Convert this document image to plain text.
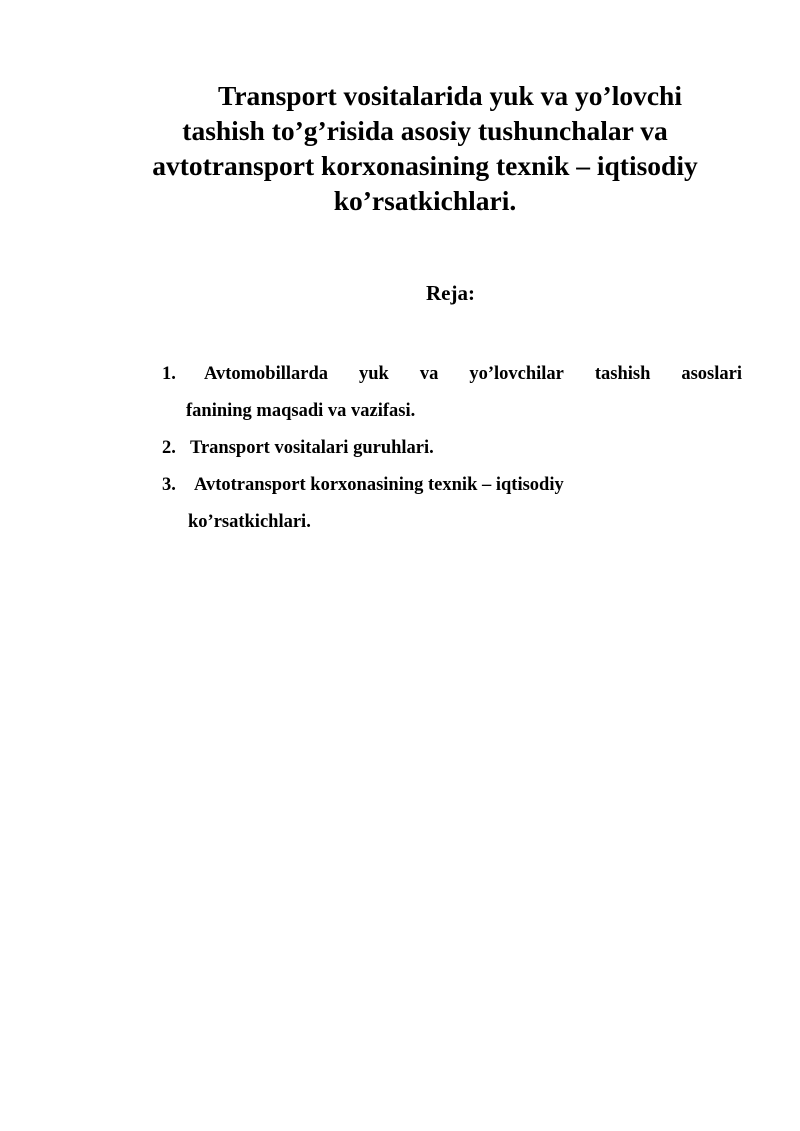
Transport vositalarida yuk va yo’lovchi
tashish to’g’risida asosiy tushunchalar va
avtotransport korxonasining texnik – iqtisodiy
ko’rsatkichlari.
Reja:
1.	Avtomobillarda yuk va yo’lovchilar tashish asoslari
fanining maqsadi va vazifasi.
2. Transport vositalari guruhlari.
3. Avtotransport korxonasining texnik – iqtisodiy
ko’rsatkichlari.
